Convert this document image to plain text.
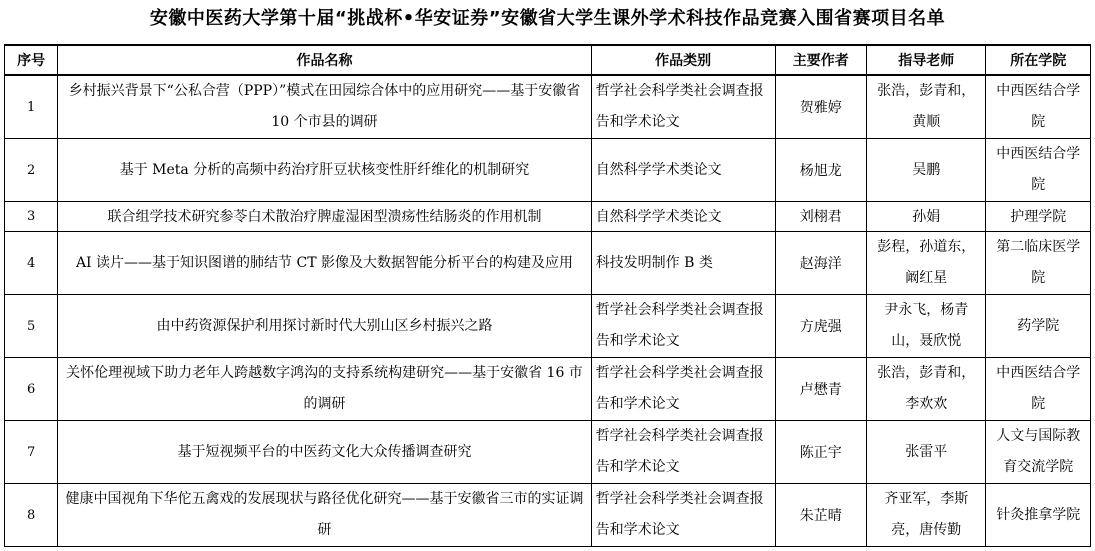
安徽中医药大学第十届“挑战杯•华安证券”安徽省大学生课外学术科技作品竞赛入围省赛项目名单
序号	作品名称	作品类别	主要作者	指导老师	所在学院
1	乡村振兴背景下“公私合营（PPP）”模式在田园综合体中的应用研究——基于安徽省 10 个市县的调研	哲学社会科学类社会调查报告和学术论文	贺雅婷	张浩，彭青和，黄顺	中西医结合学院
2	基于 Meta 分析的高频中药治疗肝豆状核变性肝纤维化的机制研究	自然科学学术类论文	杨旭龙	吴鹏	中西医结合学院
3	联合组学技术研究参苓白术散治疗脾虚湿困型溃疡性结肠炎的作用机制	自然科学学术类论文	刘栩君	孙娟	护理学院
4	AI 读片——基于知识图谱的肺结节 CT 影像及大数据智能分析平台的构建及应用	科技发明制作 B 类	赵海洋	彭程，孙道东，阚红星	第二临床医学院
5	由中药资源保护利用探讨新时代大别山区乡村振兴之路	哲学社会科学类社会调查报告和学术论文	方虎强	尹永飞，杨青山，聂欣悦	药学院
6	关怀伦理视域下助力老年人跨越数字鸿沟的支持系统构建研究——基于安徽省 16 市的调研	哲学社会科学类社会调查报告和学术论文	卢懋青	张浩，彭青和，李欢欢	中西医结合学院
7	基于短视频平台的中医药文化大众传播调查研究	哲学社会科学类社会调查报告和学术论文	陈正宇	张雷平	人文与国际教育交流学院
8	健康中国视角下华佗五禽戏的发展现状与路径优化研究——基于安徽省三市的实证调研	哲学社会科学类社会调查报告和学术论文	朱芷晴	齐亚军，李斯亮，唐传勤	针灸推拿学院
